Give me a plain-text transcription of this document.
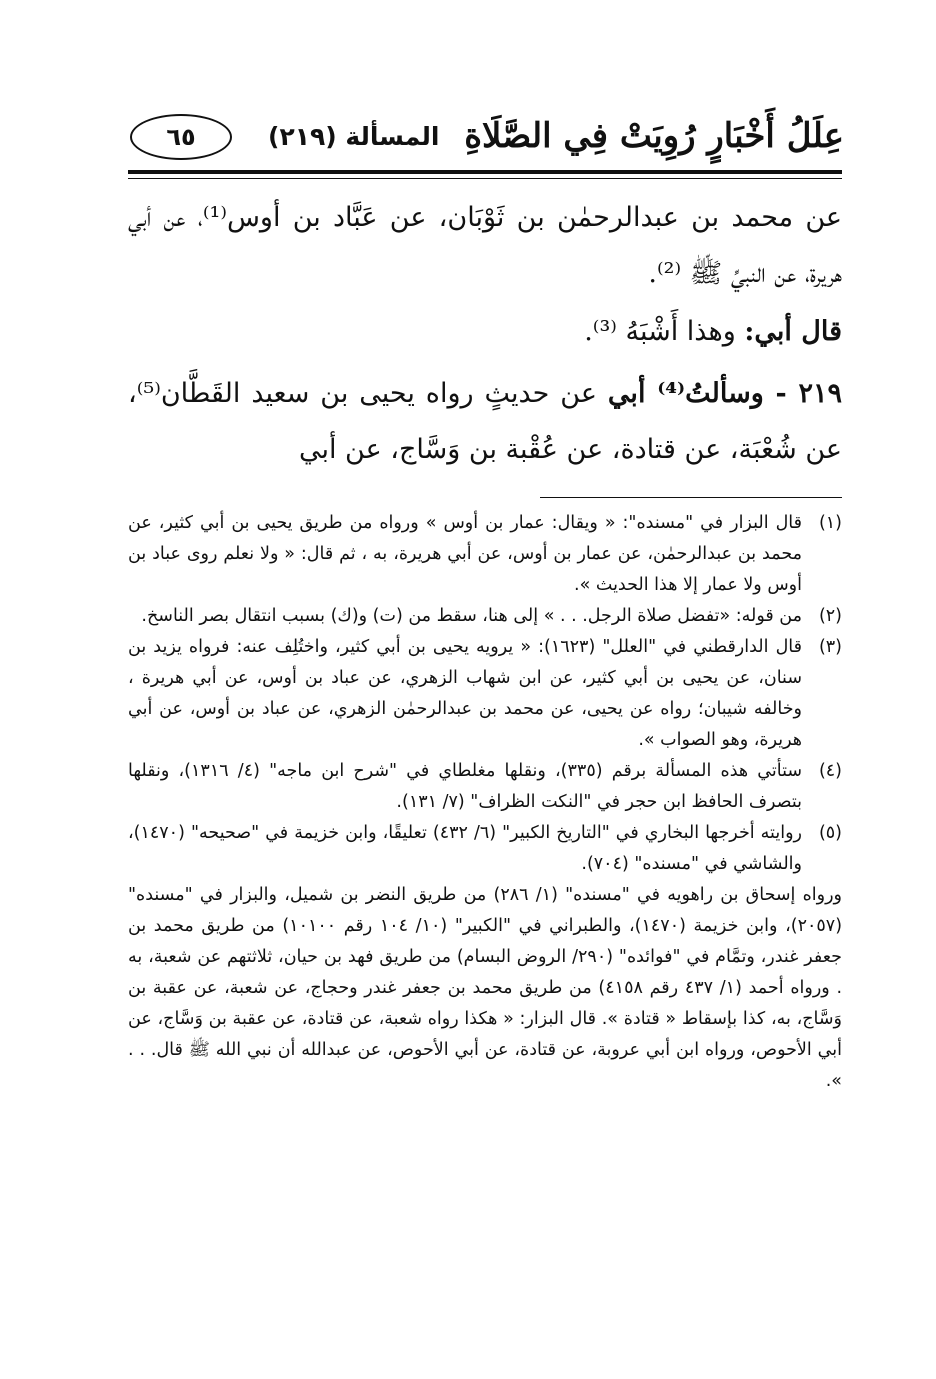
عِلَلُ أَخْبَارٍ رُوِيَتْ فِي الصَّلَاةِ
المسألة (٢١٩)
٦٥

عن محمد بن عبدالرحمٰن بن ثَوْبَان، عن عَبَّاد بن أوس⁽¹⁾، عن أبي هريرة، عن النبيِّ ﷺ ⁽²⁾.

قال أبي: وهذا أَشْبَهُ ⁽³⁾.

٢١٩ - وسألتُ⁽⁴⁾ أبي عن حديثٍ رواه يحيى بن سعيد القَطَّان⁽⁵⁾، عن شُعْبَة، عن قتادة، عن عُقْبة بن وَسَّاج، عن أبي

(١)
قال البزار في "مسنده": « ويقال: عمار بن أوس » ورواه من طريق يحيى بن أبي كثير، عن محمد بن عبدالرحمٰن، عن عمار بن أوس، عن أبي هريرة، به ، ثم قال: « ولا نعلم روى عباد بن أوس ولا عمار إلا هذا الحديث ».
(٢)
من قوله: «تفضل صلاة الرجل. . . » إلى هنا، سقط من (ت) و(ك) بسبب انتقال بصر الناسخ.
(٣)
قال الدارقطني في "العلل" (١٦٢٣): « يرويه يحيى بن أبي كثير، واختُلِف عنه: فرواه يزيد بن سنان، عن يحيى بن أبي كثير، عن ابن شهاب الزهري، عن عباد بن أوس، عن أبي هريرة ، وخالفه شيبان؛ رواه عن يحيى، عن محمد بن عبدالرحمٰن الزهري، عن عباد بن أوس، عن أبي هريرة، وهو الصواب ».
(٤)
ستأتي هذه المسألة برقم (٣٣٥)، ونقلها مغلطاي في "شرح ابن ماجه" (٤/ ١٣١٦)، ونقلها بتصرف الحافظ ابن حجر في "النكت الظراف" (٧/ ١٣١).
(٥)
روايته أخرجها البخاري في "التاريخ الكبير" (٦/ ٤٣٢) تعليقًا، وابن خزيمة في "صحيحه" (١٤٧٠)، والشاشي في "مسنده" (٧٠٤).

ورواه إسحاق بن راهويه في "مسنده" (١/ ٢٨٦) من طريق النضر بن شميل، والبزار في "مسنده" (٢٠٥٧)، وابن خزيمة (١٤٧٠)، والطبراني في "الكبير" (١٠/ ١٠٤ رقم ١٠١٠٠) من طريق محمد بن جعفر غندر، وتمَّام في "فوائده" (٢٩٠/ الروض البسام) من طريق فهد بن حيان، ثلاثتهم عن شعبة، به . ورواه أحمد (١/ ٤٣٧ رقم ٤١٥٨) من طريق محمد بن جعفر غندر وحجاج، عن شعبة، عن عقبة بن وَسَّاج، به، كذا بإسقاط « قتادة ». قال البزار: « هكذا رواه شعبة، عن قتادة، عن عقبة بن وَسَّاج، عن أبي الأحوص، ورواه ابن أبي عروبة، عن قتادة، عن أبي الأحوص، عن عبدالله أن نبي الله ﷺ قال. . . ».
